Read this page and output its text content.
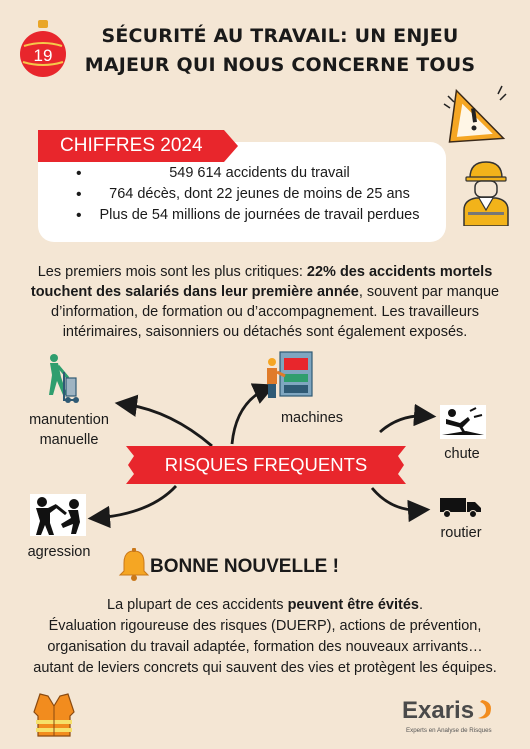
19
SÉCURITÉ AU TRAVAIL: UN ENJEU
MAJEUR QUI NOUS CONCERNE TOUS
CHIFFRES 2024
• 549 614 accidents du travail
• 764 décès, dont 22 jeunes de moins de 25 ans
• Plus de 54 millions de journées de travail perdues
Les premiers mois sont les plus critiques: 22% des accidents mortels touchent des salariés dans leur première année, souvent par manque d’information, de formation ou d’accompagnement. Les travailleurs intérimaires, saisonniers ou détachés sont également exposés.
manutention
manuelle
machines
chute
RISQUES FREQUENTS
agression
routier
BONNE NOUVELLE !
La plupart de ces accidents peuvent être évités.
Évaluation rigoureuse des risques (DUERP), actions de prévention,
organisation du travail adaptée, formation des nouveaux arrivants…
autant de leviers concrets qui sauvent des vies et protègent les équipes.
Exaris
Experts en Analyse de Risques
